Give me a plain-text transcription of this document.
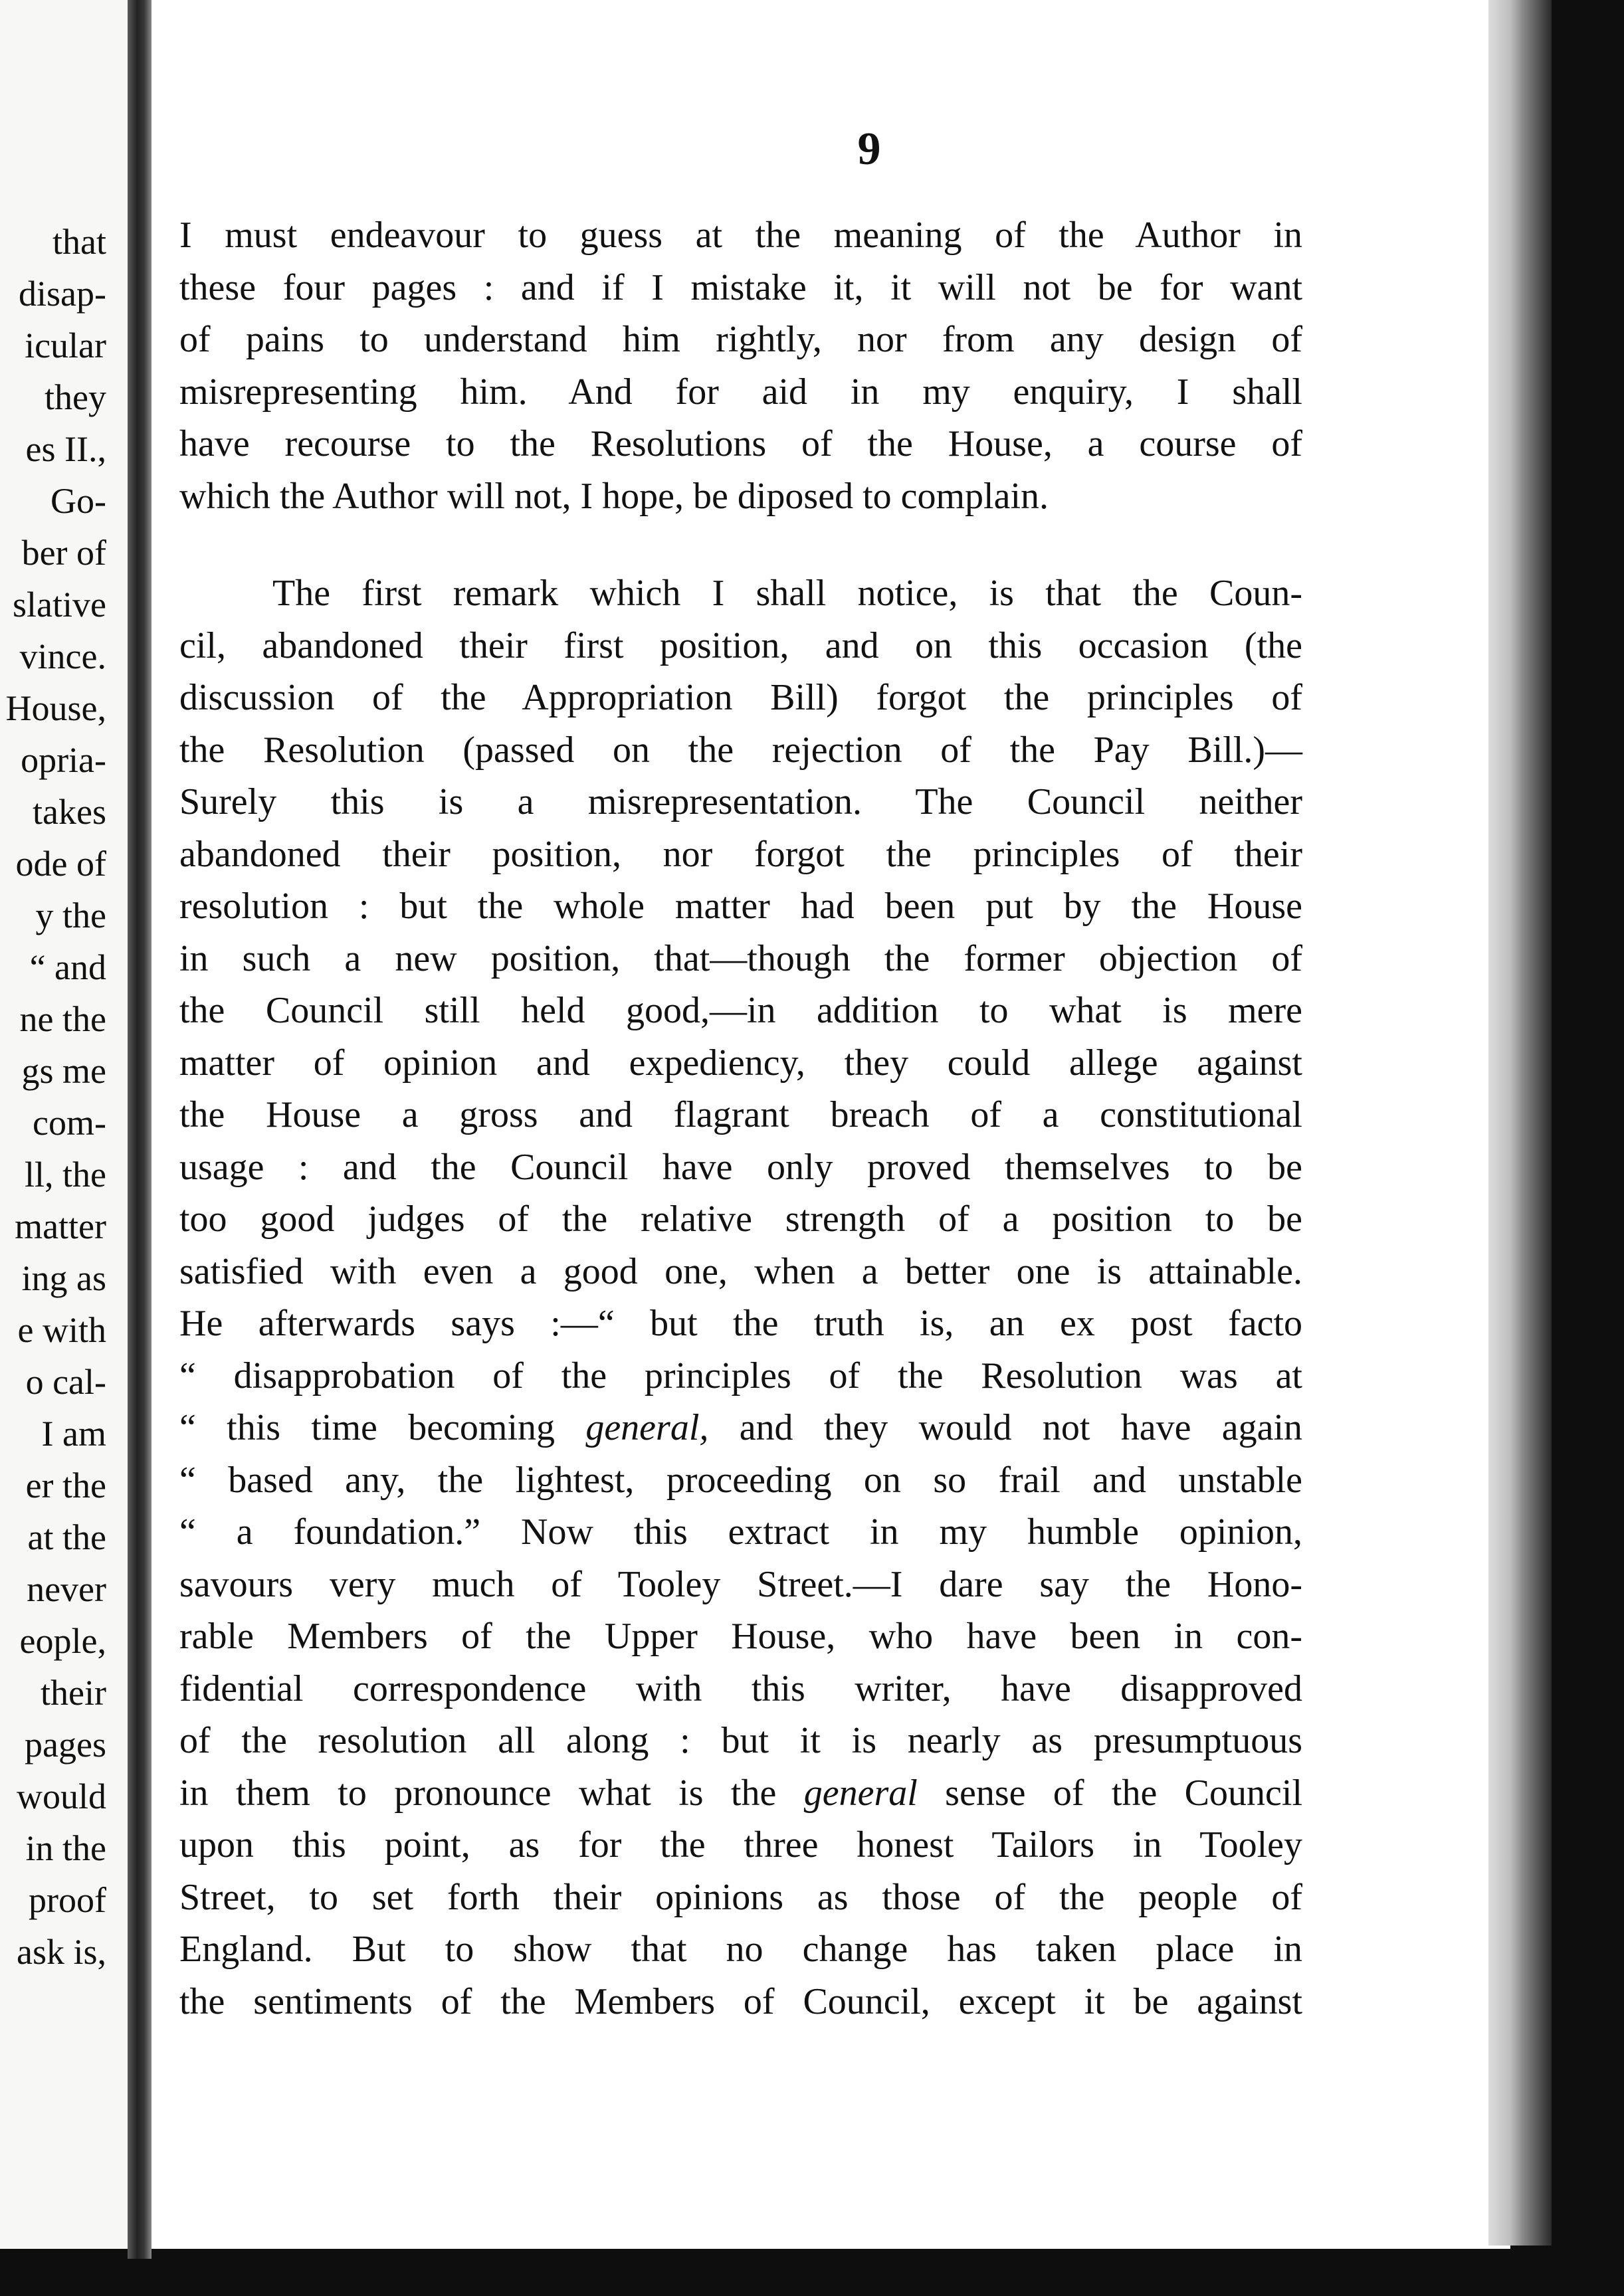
that
disap-
icular
they
es II.,
Go-
ber of
slative
vince.
House,
opria-
takes
ode of
y the
“ and
ne the
gs me
com-
ll, the
matter
ing as
e with
o cal-
I am
er the
at the
never
eople,
their
pages
would
in the
proof
ask is,
9
I must endeavour to guess at the meaning of the Author in
these four pages : and if I mistake it, it will not be for want
of pains to understand him rightly, nor from any design of
misrepresenting him. And for aid in my enquiry, I shall
have recourse to the Resolutions of the House, a course of
which the Author will not, I hope, be diposed to complain.
The first remark which I shall notice, is that the Coun-
cil, abandoned their first position, and on this occasion (the
discussion of the Appropriation Bill) forgot the principles of
the Resolution (passed on the rejection of the Pay Bill.)—
Surely this is a misrepresentation. The Council neither
abandoned their position, nor forgot the principles of their
resolution : but the whole matter had been put by the House
in such a new position, that—though the former objection of
the Council still held good,—in addition to what is mere
matter of opinion and expediency, they could allege against
the House a gross and flagrant breach of a constitutional
usage : and the Council have only proved themselves to be
too good judges of the relative strength of a position to be
satisfied with even a good one, when a better one is attainable.
He afterwards says :—“ but the truth is, an ex post facto
“ disapprobation of the principles of the Resolution was at
“ this time becoming general, and they would not have again
“ based any, the lightest, proceeding on so frail and unstable
“ a foundation.” Now this extract in my humble opinion,
savours very much of Tooley Street.—I dare say the Hono-
rable Members of the Upper House, who have been in con-
fidential correspondence with this writer, have disapproved
of the resolution all along : but it is nearly as presumptuous
in them to pronounce what is the general sense of the Council
upon this point, as for the three honest Tailors in Tooley
Street, to set forth their opinions as those of the people of
England. But to show that no change has taken place in
the sentiments of the Members of Council, except it be against
